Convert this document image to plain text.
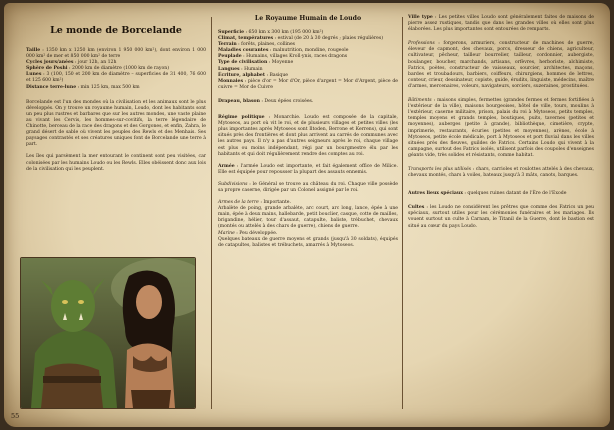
Le monde de Borcelande

Taille : 1350 km x 1250 km (environ 1 950 000 km²), dont environ 1 000 000 km² de mer et 850 000 km² de terre

Cycles jours/anées : jour 12h, an 12h

Sphère de Poshi : 2000 km de diamètre (1000 km de rayon)

Lunes : 3 (100, 150 et 200 km de diamètre – superficies de 31 400, 76 600 et 125 600 km²)

Distance terre-lune : min 125 km, max 500 km

Borcelande est l'un des mondes où la civilisation et les animaux sont le plus développés. On y trouve un royaume humain, Loudo, dont les habitants sont un peu plus rustres et barbares que sur les autres mondes, une vaste plaine au vivant les Cervis, les hommes-sur-covitifs, la terre légendaire de Chinotte, berceau de la race des dragons et des Gorgones, et enfin, Zahra, le grand désert de sable où vivent les peuples des Rewls et des Menhais. Ses paysages contrastés et ses créatures uniques font de Borcelande une terre à part.

Les îles qui parsèment la mer entourant le continent sont peu visitées, car colonisées par les humains Loudo ou les Rewls. Elles obéissent donc aux lois de la civilisation qui les peuplent.

Le Royaume Humain de Loudo

Superficie : 650 km x 300 km (195 000 km²)

Climat, températures : estival (de 20 à 30 degrés ; plaies régulières)

Terrain : forêts, plaines, collines

Maladies courantes : malnutrition, mondine, rougeole

Peuplade : Humains, villages Kroll·ynis, races dragons

Type de civilisation : Moyenne

Langues : Humain

Écriture, alphabet : Basique

Monnaies : pièce d'or = Mor d'Or, pièce d'argent = Mor d'Argent, pièce de cuivre = Mor de Cuivre

Drapeau, blason : Deux épées croisées.

Régime politique : Monarchie. Loudo est composée de la capitale, Mytoseos, au port où vit le roi, et de plusieurs villages et petites villes (les plus importantes après Mytoseos sont Iltoden, Berrone et Kerrens), qui sont situés près des frontières et dont plus arrivent au carrés de communes avec les autres pays. Il n'y a pas d'autres seigneurs après le roi, chaque village est plus ou moins indépendant, régi par un bourgmestre élu par les habitants et qui doit régulièrement rendre des comptes au roi.

Armée : l'armée Loudo est importante, et fait également office de Milice. Elle est équipée pour repousser la plupart des assauts ennemis.

Subdivisions : le Général se trouve au château du roi. Chaque ville possède sa propre caserne, dirigée par un Colonel assigné par le roi.

Armes de la terre : Importante.

Arbalète de poing, grande arbalète, arc court, arc long, lance, épée à une main, épée à deux mains, hallebarde, petit bouclier, casque, cotte de mailles, brigandine, hélier, tour d'assaut, catapulte, baliste, trébuchet, chevaux (montés ou attelés à des chars de guerre), chiens de guerre.

Marine : Peu développée.

Quelques bateaux de guerre moyens et grands (jusqu'à 30 soldats), équipés de catapultes, balistes et trébuchets, amarrés à Mytoseos.

Ville type : Les petites villes Loudo sont généralement faites de maisons de pierre assez rustiques, tandis que dans les grandes villes où elles sont plus élaborées. Les plus importantes sont entourées de remparts.

Professions : forgerons, armuriers, constructeur de machines de guerre, éleveur de capmont, des chevaux, porcs, dresseur de chiens, agriculteur, cultivateur, pêcheur, tailleur bourrelier, tailleur, cordonnier, aubergiste, boulanger, boucher, marchands, artisans, orfèvres, herboriste, alchimiste, Fatrics, poètes, constructeur de vaisseaux, sourcier, architectes, maçons, bardes et troubadours, barbiers, coiffeurs, chirurgiens, hommes de lettres, conteur, crieur, dessinateur, copiste, guide, érudits, linguiste, médecins, maître d'armes, mercenaires, voleurs, navigateurs, sorciers, suzeraines, prostituées.

Bâtiments : maisons simples, fermettes (grandes fermes et fermes fortifiées à l'extérieur de la ville), maisons bourgeoises, hôtel de ville, tours, moulins à l'extérieur, caserne militaire, prison, palais du roi à Mytoseos, petits temples, temples moyens et grands temples, boutiques, puits, tavernes (petites et moyennes), auberges (petite à grande), bibliothèque, cimetière, crypte, imprimerie, restaurants, écuries (petites et moyennes), arènes, école à Mytoseos, petite école médicale, port à Mytoseos et port fluvial dans les villes situées près des fleuves, guildes de Fatrics. Certains Loudo qui vivent à la campagne, surtout des Fatrics isolés, utilisent parfois des coupoles d'enseignes géants vide, très solides et résistants, comme habitat.

Transports les plus utilisés : chars, carrioles et roulottes attelés à des chevaux, chevaux montés, chars à voiles, bateaux jusqu'à 3 mâts, canots, barques.

Autres lieux spéciaux : quelques ruines datant de l'Ère de l'Exode

Cultes : les Loudo ne considèrent les prêtres que comme des Fatrics un peu spéciaux, surtout utiles pour les cérémonies funéraires et les mariages. Ils vouent surtout un culte à Carnam, le Titanil de la Guerre, dont le bastion est situé au cœur du pays Loudo.

55
